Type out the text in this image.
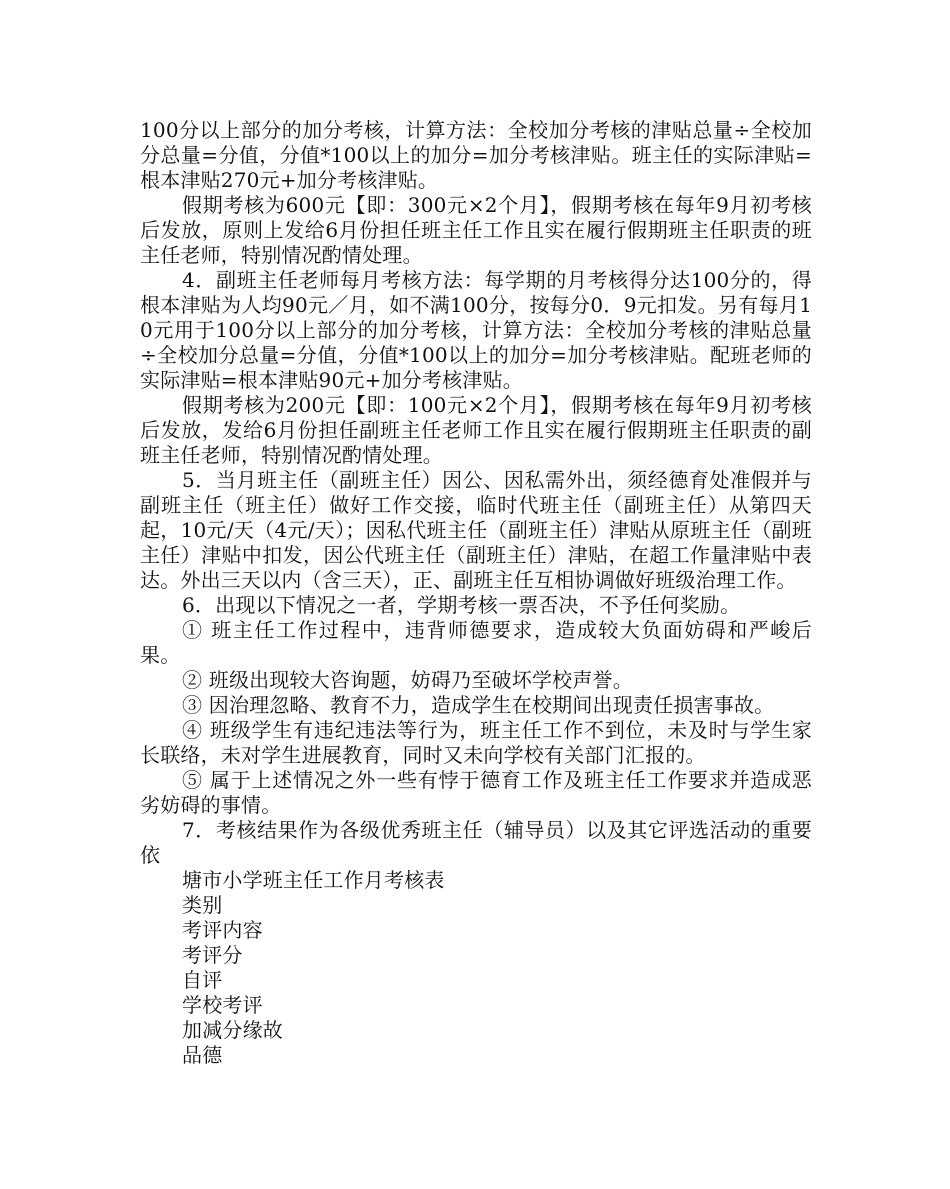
100分以上部分的加分考核，计算方法：全校加分考核的津贴总量÷全校加分总量=分值，分值*100以上的加分=加分考核津贴。班主任的实际津贴=根本津贴270元+加分考核津贴。

假期考核为600元【即：300元×2个月】，假期考核在每年9月初考核后发放，原则上发给6月份担任班主任工作且实在履行假期班主任职责的班主任老师，特别情况酌情处理。

4．副班主任老师每月考核方法：每学期的月考核得分达100分的，得根本津贴为人均90元／月，如不满100分，按每分0．9元扣发。另有每月10元用于100分以上部分的加分考核，计算方法：全校加分考核的津贴总量÷全校加分总量=分值，分值*100以上的加分=加分考核津贴。配班老师的实际津贴=根本津贴90元+加分考核津贴。

假期考核为200元【即：100元×2个月】，假期考核在每年9月初考核后发放，发给6月份担任副班主任老师工作且实在履行假期班主任职责的副班主任老师，特别情况酌情处理。

5．当月班主任（副班主任）因公、因私需外出，须经德育处准假并与副班主任（班主任）做好工作交接，临时代班主任（副班主任）从第四天起，10元/天（4元/天）；因私代班主任（副班主任）津贴从原班主任（副班主任）津贴中扣发，因公代班主任（副班主任）津贴，在超工作量津贴中表达。外出三天以内（含三天），正、副班主任互相协调做好班级治理工作。

6．出现以下情况之一者，学期考核一票否决，不予任何奖励。

① 班主任工作过程中，违背师德要求，造成较大负面妨碍和严峻后果。

② 班级出现较大咨询题，妨碍乃至破坏学校声誉。

③ 因治理忽略、教育不力，造成学生在校期间出现责任损害事故。

④ 班级学生有违纪违法等行为，班主任工作不到位，未及时与学生家长联络，未对学生进展教育，同时又未向学校有关部门汇报的。

⑤ 属于上述情况之外一些有悖于德育工作及班主任工作要求并造成恶劣妨碍的事情。

7．考核结果作为各级优秀班主任（辅导员）以及其它评选活动的重要依

塘市小学班主任工作月考核表

类别

考评内容

考评分

自评

学校考评

加减分缘故

品德
